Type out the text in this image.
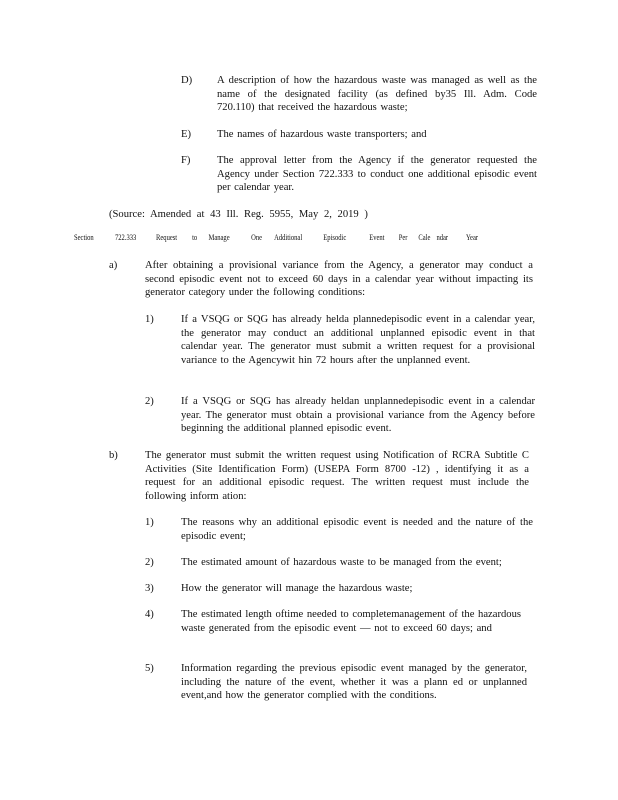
D) A description of how the hazardous waste was managed as well as the name of the designated facility (as defined by35 Ill. Adm. Code 720.110) that received the hazardous waste;

E) The names of hazardous waste transporters; and

F)	The approval letter from the Agency if the generator requested the Agency under Section 722.333 to conduct one additional episodic event per calendar year.

(Source: Amended at 43 Ill. Reg. 5955, May 2, 2019 )

Section	722.333 Request to Manage	One Additional	Episodic	Event Per Cale ndar Year
a)	After obtaining a provisional variance from the Agency, a generator may conduct a second episodic event not to exceed 60 days in a calendar year without impacting its generator category under the following conditions:

1)	If a VSQG or SQG has already helda plannedepisodic event in a calendar year, the generator may conduct an additional unplanned episodic event in that calendar year. The generator must submit a written request for a provisional variance to the Agencywit hin 72 hours after the unplanned event.

2)	If a VSQG or SQG has already heldan unplannedepisodic event in a calendar year. The generator must obtain a provisional variance from the Agency before beginning the additional planned episodic event.

b)	The generator must submit the written request using Notification of RCRA Subtitle C Activities (Site Identification Form) (USEPA Form 8700 -12) , identifying it as a request for an additional episodic request. The written request must include the following inform ation:

1)	The reasons why an additional episodic event is needed and the nature of the episodic event;

2)	The estimated amount of hazardous waste to be managed from the event;

3)	How the generator will manage the hazardous waste;

4)	The estimated length oftime needed to completemanagement of the hazardous waste generated from the episodic event — not to exceed 60 days; and

5)	Information regarding the previous episodic event managed by the generator, including the nature of the event, whether it was a plann ed or unplanned event,and how the generator complied with the conditions.
